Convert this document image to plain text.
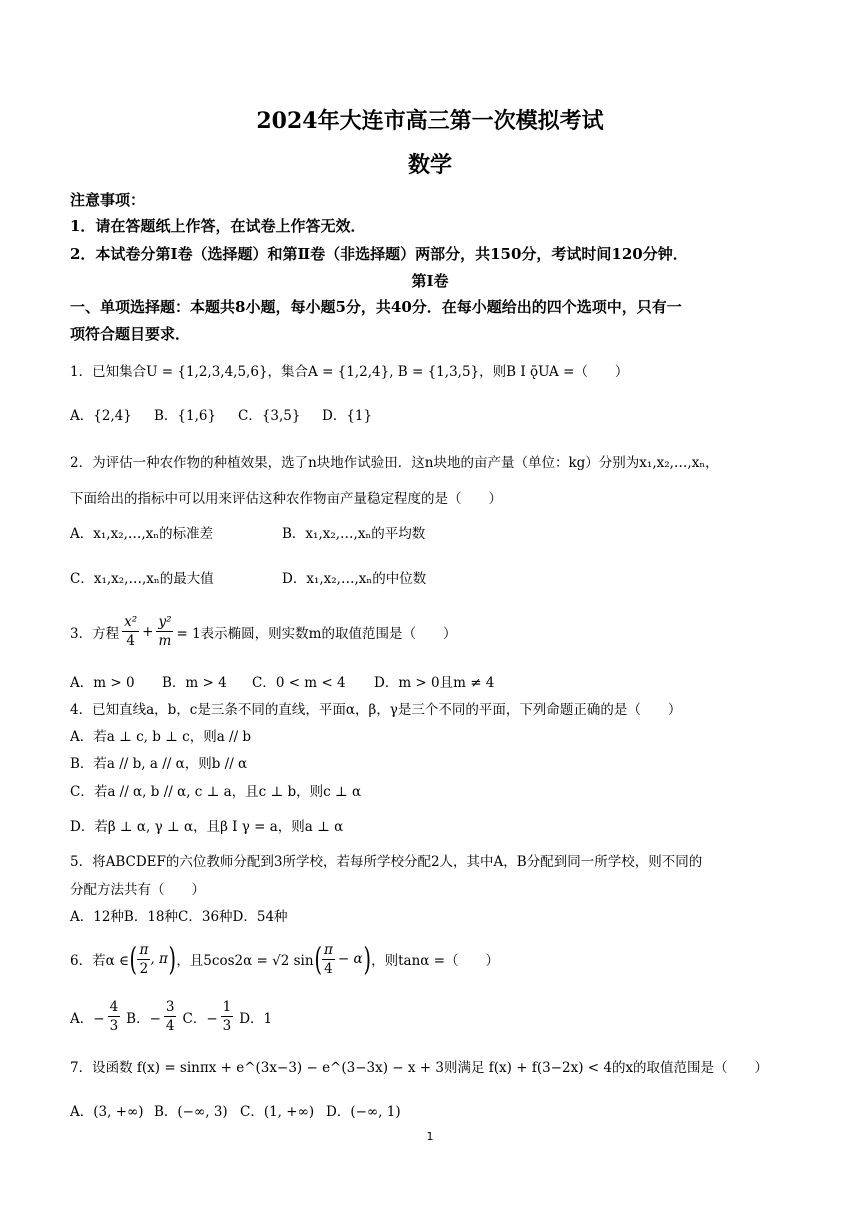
2024年大连市高三第一次模拟考试
数学
注意事项：
1．请在答题纸上作答，在试卷上作答无效．
2．本试卷分第Ⅰ卷（选择题）和第Ⅱ卷（非选择题）两部分，共150分，考试时间120分钟．
第Ⅰ卷
一、单项选择题：本题共8小题，每小题5分，共40分．在每小题给出的四个选项中，只有一
项符合题目要求．
1．已知集合U = {1,2,3,4,5,6}，集合A = {1,2,4}, B = {1,3,5}，则B Ι ǭUA =（　　）
A．{2,4} B．{1,6} C．{3,5} D．{1}
2．为评估一种农作物的种植效果，选了n块地作试验田．这n块地的亩产量（单位：kg）分别为x₁,x₂,…,xₙ，
下面给出的指标中可以用来评估这种农作物亩产量稳定程度的是（　　）
A．x₁,x₂,…,xₙ的标准差	B．x₁,x₂,…,xₙ的平均数
C．x₁,x₂,…,xₙ的最大值	D．x₁,x₂,…,xₙ的中位数
3．方程 $\frac{\text{x²}}{4} + \frac{\text{y²}}{m} = 1$表示椭圆，则实数m的取值范围是（　　）
A．m > 0 B．m > 4 C．0 < m < 4 D．m > 0且m ≠ 4
4．已知直线a，b，c是三条不同的直线，平面α，β，γ是三个不同的平面，下列命题正确的是（　　）
A．若a ⊥ c, b ⊥ c，则a // b
B．若a // b, a // α，则b // α
C．若a // α, b // α, c ⊥ a，且c ⊥ b，则c ⊥ α
D．若β ⊥ α, γ ⊥ α，且β Ι γ = a，则a ⊥ α
5．将ABCDEF的六位教师分配到3所学校，若每所学校分配2人，其中A，B分配到同一所学校，则不同的
分配方法共有（　　）
A．12种B．18种C．36种D．54种
6．若α ∈ ( $\frac{\pi}{2}$ , π ) ，且5cos2α = √2 sin ( $\frac{\pi}{4} - \alpha$ ) ，则tanα =（　　）
A．− $\frac{4}{3}$ B．− $\frac{3}{4}$ C．− $\frac{1}{3}$ D．1
7．设函数 f(x) = sinπx + e^(3x−3) − e^(3−3x) − x + 3则满足 f(x) + f(3−2x) < 4的x的取值范围是（　　）
A．(3, +∞) B．(−∞, 3) C．(1, +∞) D．(−∞, 1)
1
